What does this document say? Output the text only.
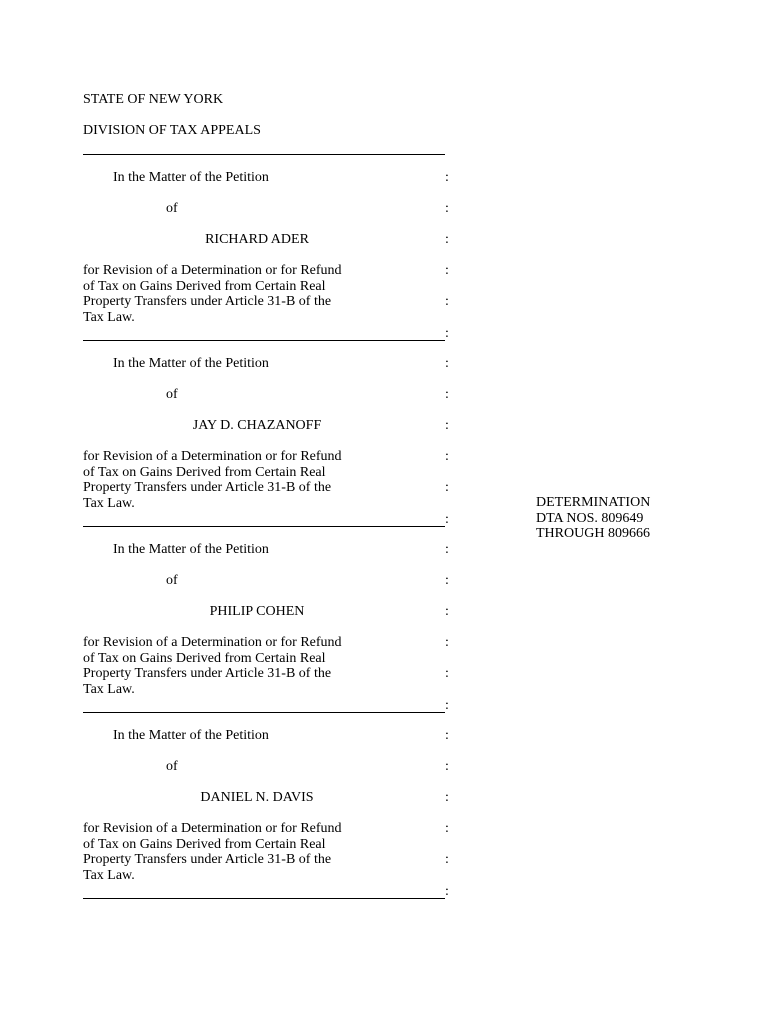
STATE OF NEW YORK
DIVISION OF TAX APPEALS
In the Matter of the Petition	:
of	:
RICHARD ADER	:
for Revision of a Determination or for Refund
of Tax on Gains Derived from Certain Real
Property Transfers under Article 31-B of the
Tax Law.
:
:
:
In the Matter of the Petition	:
of	:
JAY D. CHAZANOFF	:
for Revision of a Determination or for Refund
of Tax on Gains Derived from Certain Real
Property Transfers under Article 31-B of the
Tax Law.
:
:
:
In the Matter of the Petition	:
of	:
PHILIP COHEN	:
for Revision of a Determination or for Refund
of Tax on Gains Derived from Certain Real
Property Transfers under Article 31-B of the
Tax Law.
:
:
:
In the Matter of the Petition	:
of	:
DANIEL N. DAVIS	:
for Revision of a Determination or for Refund
of Tax on Gains Derived from Certain Real
Property Transfers under Article 31-B of the
Tax Law.
:
:
:
DETERMINATION
DTA NOS. 809649
THROUGH 809666
